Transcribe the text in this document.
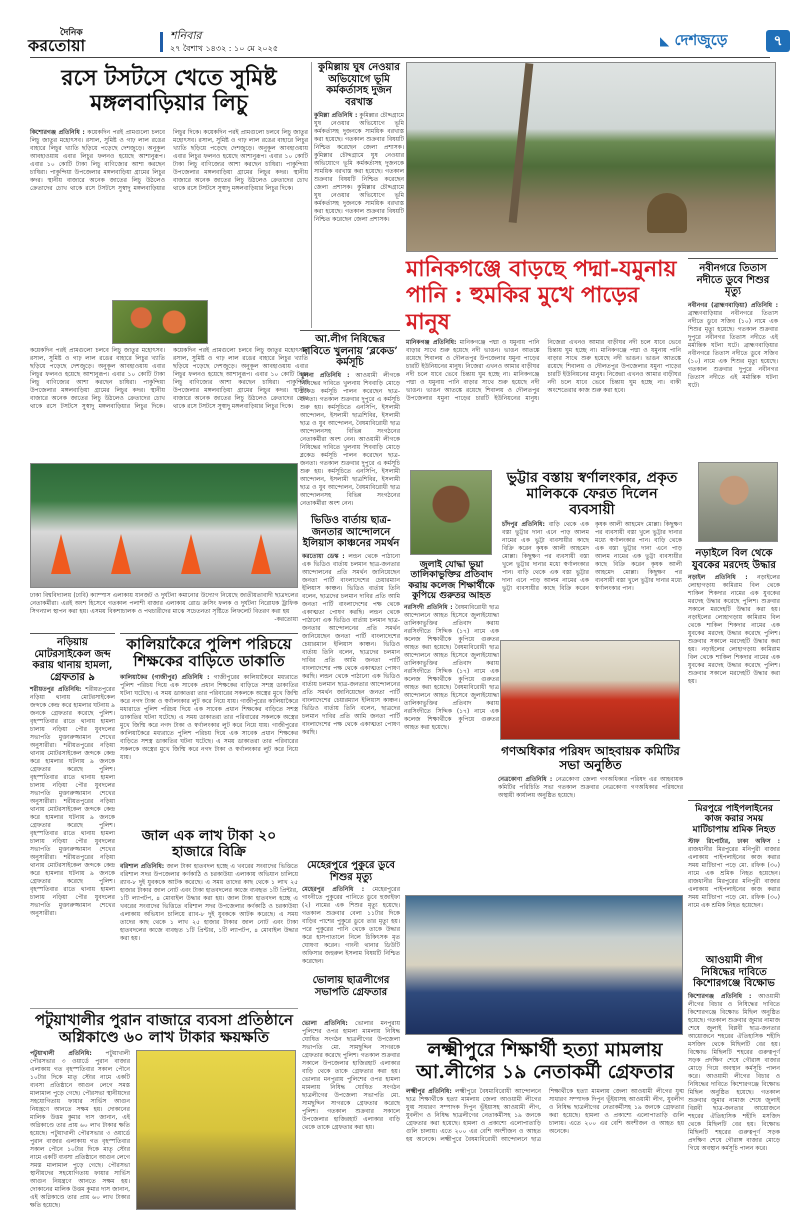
দৈনিক
করতোয়া
শনিবার
২৭ বৈশাখ ১৪৩২ : ১০ মে ২০২৫
◣ দেশজুড়ে	৭
রসে টসটসে খেতে সুমিষ্ট মঙ্গলবাড়িয়ার লিচু
কিশোরগঞ্জ প্রতিনিধি : কয়েকদিন পরই প্রামগুলো চলবে লিচু জাতুর মহোৎসব। রসাল, সুমিষ্ট ও গাঢ় লাল রঙের বাহারে লিচুর খ্যাতি ছড়িয়ে পড়েছে দেশজুড়ে। অনুকূল আবহাওয়ায় এবার লিচুর ফলনও হয়েছে আশানুরূপ। এবার ১০ কোটি টাকা লিচু বাণিজ্যের আশা করছেন চাষিরা। পাকুন্দিয়া উপজেলার মঙ্গলবাড়িয়া গ্রামের লিচুর কদর। স্থানীয় বাজারে অনেক জাতের লিচু উঠলেও ক্রেতাদের চোখ থাকে রসে টসটসে সুস্বাদু মঙ্গলবাড়িয়ার লিচুর দিকে। কয়েকদিন পরই প্রামগুলো চলবে লিচু জাতুর মহোৎসব। রসাল, সুমিষ্ট ও গাঢ় লাল রঙের বাহারে লিচুর খ্যাতি ছড়িয়ে পড়েছে দেশজুড়ে। অনুকূল আবহাওয়ায় এবার লিচুর ফলনও হয়েছে আশানুরূপ। এবার ১০ কোটি টাকা লিচু বাণিজ্যের আশা করছেন চাষিরা। পাকুন্দিয়া উপজেলার মঙ্গলবাড়িয়া গ্রামের লিচুর কদর। স্থানীয় বাজারে অনেক জাতের লিচু উঠলেও ক্রেতাদের চোখ থাকে রসে টসটসে সুস্বাদু মঙ্গলবাড়িয়ার লিচুর দিকে।
কয়েকদিন পরই প্রামগুলো চলবে লিচু জাতুর মহোৎসব। রসাল, সুমিষ্ট ও গাঢ় লাল রঙের বাহারে লিচুর খ্যাতি ছড়িয়ে পড়েছে দেশজুড়ে। অনুকূল আবহাওয়ায় এবার লিচুর ফলনও হয়েছে আশানুরূপ। এবার ১০ কোটি টাকা লিচু বাণিজ্যের আশা করছেন চাষিরা। পাকুন্দিয়া উপজেলার মঙ্গলবাড়িয়া গ্রামের লিচুর কদর। স্থানীয় বাজারে অনেক জাতের লিচু উঠলেও ক্রেতাদের চোখ থাকে রসে টসটসে সুস্বাদু মঙ্গলবাড়িয়ার লিচুর দিকে। কয়েকদিন পরই প্রামগুলো চলবে লিচু জাতুর মহোৎসব। রসাল, সুমিষ্ট ও গাঢ় লাল রঙের বাহারে লিচুর খ্যাতি ছড়িয়ে পড়েছে দেশজুড়ে। অনুকূল আবহাওয়ায় এবার লিচুর ফলনও হয়েছে আশানুরূপ। এবার ১০ কোটি টাকা লিচু বাণিজ্যের আশা করছেন চাষিরা। পাকুন্দিয়া উপজেলার মঙ্গলবাড়িয়া গ্রামের লিচুর কদর। স্থানীয় বাজারে অনেক জাতের লিচু উঠলেও ক্রেতাদের চোখ থাকে রসে টসটসে সুস্বাদু মঙ্গলবাড়িয়ার লিচুর দিকে।
কুমিল্লায় ঘুষ নেওয়ার অভিযোগে ভূমি কর্মকর্তাসহ দুজন বরখাস্ত
কুমিল্লা প্রতিনিধি : কুমিল্লার চৌদ্দগ্রামে ঘুষ নেওয়ার অভিযোগে ভূমি কর্মকর্তাসহ দুজনকে সাময়িক বরখাস্ত করা হয়েছে। গতকাল শুক্রবার বিষয়টি নিশ্চিত করেছেন জেলা প্রশাসক। কুমিল্লার চৌদ্দগ্রামে ঘুষ নেওয়ার অভিযোগে ভূমি কর্মকর্তাসহ দুজনকে সাময়িক বরখাস্ত করা হয়েছে। গতকাল শুক্রবার বিষয়টি নিশ্চিত করেছেন জেলা প্রশাসক। কুমিল্লার চৌদ্দগ্রামে ঘুষ নেওয়ার অভিযোগে ভূমি কর্মকর্তাসহ দুজনকে সাময়িক বরখাস্ত করা হয়েছে। গতকাল শুক্রবার বিষয়টি নিশ্চিত করেছেন জেলা প্রশাসক।
মানিকগঞ্জে বাড়ছে পদ্মা-যমুনায় পানি : হুমকির মুখে পাড়ের মানুষ
মানিকগঞ্জ প্রতিনিধি: মানিকগঞ্জে পদ্মা ও যমুনায় পানি বাড়ার সাথে শুরু হয়েছে নদী ভাঙন। ভাঙন আতঙ্কে রয়েছে শিবালয় ও দৌলতপুর উপজেলার যমুনা পাড়ের চারটি ইউনিয়নের মানুষ। নিজেরা এখনও আমার বাড়ীঘর নদী চলে যাবে ভেবে চিন্তায় ঘুম হচ্ছে না। মানিকগঞ্জে পদ্মা ও যমুনায় পানি বাড়ার সাথে শুরু হয়েছে নদী ভাঙন। ভাঙন আতঙ্কে রয়েছে শিবালয় ও দৌলতপুর উপজেলার যমুনা পাড়ের চারটি ইউনিয়নের মানুষ। নিজেরা এখনও আমার বাড়ীঘর নদী চলে যাবে ভেবে চিন্তায় ঘুম হচ্ছে না। মানিকগঞ্জে পদ্মা ও যমুনায় পানি বাড়ার সাথে শুরু হয়েছে নদী ভাঙন। ভাঙন আতঙ্কে রয়েছে শিবালয় ও দৌলতপুর উপজেলার যমুনা পাড়ের চারটি ইউনিয়নের মানুষ। নিজেরা এখনও আমার বাড়ীঘর নদী চলে যাবে ভেবে চিন্তায় ঘুম হচ্ছে না। বাকী অংশেতেরার কাজ শুরু করা হবে।
নবীনগরে তিতাস নদীতে ডুবে শিশুর মৃত্যু
নবীনগর (ব্রাহ্মণবাড়িয়া) প্রতিনিধি : ব্রাহ্মণবাড়িয়ার নবীনগরে তিতাস নদীতে ডুবে সজিব (১০) নামে এক শিশুর মৃত্যু হয়েছে। গতকাল শুক্রবার দুপুরে নবীনগর তিতাস নদীতে এই মর্মান্তিক ঘটনা ঘটে। ব্রাহ্মণবাড়িয়ার নবীনগরে তিতাস নদীতে ডুবে সজিব (১০) নামে এক শিশুর মৃত্যু হয়েছে। গতকাল শুক্রবার দুপুরে নবীনগর তিতাস নদীতে এই মর্মান্তিক ঘটনা ঘটে।
আ.লীগ নিষিদ্ধের দাবিতে খুলনায় ‘ব্লকেড’ কর্মসূচি
খুলনা প্রতিনিধি : আওয়ামী লীগকে নিষিদ্ধের দাবিতে খুলনায় শিববাড়ি মোড়ে ব্লকেড কর্মসূচি পালন করেছেন ছাত্র-জনতা। গতকাল শুক্রবার দুপুরে এ কর্মসূচি শুরু হয়। কর্মসূচিতে এনসিপি, ইসলামী আন্দোলন, ইসলামী ছাত্রশিবির, ইসলামী ছাত্র ও যুব আন্দোলন, বৈষম্যবিরোধী ছাত্র আন্দোলনসহ বিভিন্ন সংগঠনের নেতাকর্মীরা অংশ নেন। আওয়ামী লীগকে নিষিদ্ধের দাবিতে খুলনায় শিববাড়ি মোড়ে ব্লকেড কর্মসূচি পালন করেছেন ছাত্র-জনতা। গতকাল শুক্রবার দুপুরে এ কর্মসূচি শুরু হয়। কর্মসূচিতে এনসিপি, ইসলামী আন্দোলন, ইসলামী ছাত্রশিবির, ইসলামী ছাত্র ও যুব আন্দোলন, বৈষম্যবিরোধী ছাত্র আন্দোলনসহ বিভিন্ন সংগঠনের নেতাকর্মীরা অংশ নেন।
ঢাকা বিশ্ববিদ্যালয় (ঢাবি) ক্যাম্পাস এলাকায় যানজট ও দুর্ঘটনা কমানোর উদ্যোগ নিয়েছে জাতীয়তাবাদী ছাত্রদলের নেতাকর্মীরা। এরই অংশ হিসেবে গতকাল পলাশী বাজার এলাকায় রোড ক্রসিং ফলক ও দুর্ঘটনা নিরোধক ট্রাফিক সিগন্যাল স্থাপন করা হয়। এসময় বিকশাচালক ও পথচারীদের মাঝে সচেতনতা সৃষ্টিতে লিফলেট বিতরণ করা হয়
-করতোয়া
ভিডিও বার্তায় ছাত্র-জনতার আন্দোলনে ইলিয়াস কাঞ্চনের সমর্থন
করতোয়া ডেস্ক : লন্ডন থেকে পাঠানো এক ভিডিও বার্তায় চলমান ছাত্র-জনতার আন্দোলনের প্রতি সমর্থন জানিয়েছেন জনতা পার্টি বাংলাদেশের চেয়ারম্যান ইলিয়াস কাঞ্চন। ভিডিও বার্তায় তিনি বলেন, ছাত্রদের চলমান দাবির প্রতি আমি জনতা পার্টি বাংলাদেশের পক্ষ থেকে একাত্মতা পোষণ করছি। লন্ডন থেকে পাঠানো এক ভিডিও বার্তায় চলমান ছাত্র-জনতার আন্দোলনের প্রতি সমর্থন জানিয়েছেন জনতা পার্টি বাংলাদেশের চেয়ারম্যান ইলিয়াস কাঞ্চন। ভিডিও বার্তায় তিনি বলেন, ছাত্রদের চলমান দাবির প্রতি আমি জনতা পার্টি বাংলাদেশের পক্ষ থেকে একাত্মতা পোষণ করছি। লন্ডন থেকে পাঠানো এক ভিডিও বার্তায় চলমান ছাত্র-জনতার আন্দোলনের প্রতি সমর্থন জানিয়েছেন জনতা পার্টি বাংলাদেশের চেয়ারম্যান ইলিয়াস কাঞ্চন। ভিডিও বার্তায় তিনি বলেন, ছাত্রদের চলমান দাবির প্রতি আমি জনতা পার্টি বাংলাদেশের পক্ষ থেকে একাত্মতা পোষণ করছি।
জুলাই যোদ্ধা ভুয়া তালিকাভুক্তির প্রতিবাদ করায় কলেজ শিক্ষার্থীকে কুপিয়ে গুরুতর আহত
নরসিংদী প্রতিনিধি : বৈষম্যবিরোধী ছাত্র আন্দোলনে আহত হিসেবে জুলাইযোদ্ধা তালিকাভুক্তির প্রতিবাদ করায় নরসিংদীতে সিদ্দিক (১৭) নামে এক কলেজ শিক্ষার্থীকে কুপিয়ে গুরুতর আহত করা হয়েছে। বৈষম্যবিরোধী ছাত্র আন্দোলনে আহত হিসেবে জুলাইযোদ্ধা তালিকাভুক্তির প্রতিবাদ করায় নরসিংদীতে সিদ্দিক (১৭) নামে এক কলেজ শিক্ষার্থীকে কুপিয়ে গুরুতর আহত করা হয়েছে। বৈষম্যবিরোধী ছাত্র আন্দোলনে আহত হিসেবে জুলাইযোদ্ধা তালিকাভুক্তির প্রতিবাদ করায় নরসিংদীতে সিদ্দিক (১৭) নামে এক কলেজ শিক্ষার্থীকে কুপিয়ে গুরুতর আহত করা হয়েছে।
ভুট্টার বস্তায় স্বর্ণালংকার, প্রকৃত মালিককে ফেরত দিলেন ব্যবসায়ী
চাঁদপুর প্রতিনিধি: বাড়ি থেকে এক বস্তা ভুট্টার দানা এনে পাড় আলম নামের এক ভুট্টা ব্যবসায়ীর কাছে বিক্রি করেন কৃষক আলী আহমেদ মোল্লা। কিছুক্ষণ পর ব্যবসায়ী বস্তা খুলে ভুট্টার দানার মধ্যে স্বর্ণালংকার পান। বাড়ি থেকে এক বস্তা ভুট্টার দানা এনে পাড় আলম নামের এক ভুট্টা ব্যবসায়ীর কাছে বিক্রি করেন কৃষক আলী আহমেদ মোল্লা। কিছুক্ষণ পর ব্যবসায়ী বস্তা খুলে ভুট্টার দানার মধ্যে স্বর্ণালংকার পান। বাড়ি থেকে এক বস্তা ভুট্টার দানা এনে পাড় আলম নামের এক ভুট্টা ব্যবসায়ীর কাছে বিক্রি করেন কৃষক আলী আহমেদ মোল্লা। কিছুক্ষণ পর ব্যবসায়ী বস্তা খুলে ভুট্টার দানার মধ্যে স্বর্ণালংকার পান।
নড়াইলে বিল থেকে যুবকের মরদেহ উদ্ধার
নড়াইল প্রতিনিধি : নড়াইলের লোহাগড়ায় কামিরাম বিল থেকে শাকিল শিকদার নামের এক যুবকের মরদেহ উদ্ধার করেছে পুলিশ। শুক্রবার সকালে মরদেহটি উদ্ধার করা হয়। নড়াইলের লোহাগড়ায় কামিরাম বিল থেকে শাকিল শিকদার নামের এক যুবকের মরদেহ উদ্ধার করেছে পুলিশ। শুক্রবার সকালে মরদেহটি উদ্ধার করা হয়। নড়াইলের লোহাগড়ায় কামিরাম বিল থেকে শাকিল শিকদার নামের এক যুবকের মরদেহ উদ্ধার করেছে পুলিশ। শুক্রবার সকালে মরদেহটি উদ্ধার করা হয়।
নড়িয়ায় মোটরসাইকেল জব্দ করায় থানায় হামলা, গ্রেফতার ৯
শরীয়তপুর প্রতিনিধি: শরীয়তপুরের নড়িয়া থানায় মোটরসাইকেল জব্দকে কেন্দ্র করে হামলার ঘটনায় ৯ জনকে গ্রেফতার করেছে পুলিশ। বৃহস্পতিবার রাতে থানায় হামলা চালায় নড়িয়া পৌর যুবদলের সভাপতি মুক্তারুজ্জামান শেখের অনুসারীরা। শরীয়তপুরের নড়িয়া থানায় মোটরসাইকেল জব্দকে কেন্দ্র করে হামলার ঘটনায় ৯ জনকে গ্রেফতার করেছে পুলিশ। বৃহস্পতিবার রাতে থানায় হামলা চালায় নড়িয়া পৌর যুবদলের সভাপতি মুক্তারুজ্জামান শেখের অনুসারীরা। শরীয়তপুরের নড়িয়া থানায় মোটরসাইকেল জব্দকে কেন্দ্র করে হামলার ঘটনায় ৯ জনকে গ্রেফতার করেছে পুলিশ। বৃহস্পতিবার রাতে থানায় হামলা চালায় নড়িয়া পৌর যুবদলের সভাপতি মুক্তারুজ্জামান শেখের অনুসারীরা। শরীয়তপুরের নড়িয়া থানায় মোটরসাইকেল জব্দকে কেন্দ্র করে হামলার ঘটনায় ৯ জনকে গ্রেফতার করেছে পুলিশ। বৃহস্পতিবার রাতে থানায় হামলা চালায় নড়িয়া পৌর যুবদলের সভাপতি মুক্তারুজ্জামান শেখের অনুসারীরা।
কালিয়াকৈরে পুলিশ পরিচয়ে শিক্ষকের বাড়িতে ডাকাতি
কালিয়াকৈর (গাজীপুর) প্রতিনিধি : গাজীপুরের কালিয়াকৈরে মধ্যরাতে পুলিশ পরিচয় দিয়ে এক সাবেক প্রধান শিক্ষকের বাড়িতে সশস্ত্র ডাকাতির ঘটনা ঘটেছে। এ সময় ডাকাতরা তার পরিবারের সকলকে অস্ত্রের মুখে জিম্মি করে নগদ টাকা ও স্বর্ণালংকার লুট করে নিয়ে যায়। গাজীপুরের কালিয়াকৈরে মধ্যরাতে পুলিশ পরিচয় দিয়ে এক সাবেক প্রধান শিক্ষকের বাড়িতে সশস্ত্র ডাকাতির ঘটনা ঘটেছে। এ সময় ডাকাতরা তার পরিবারের সকলকে অস্ত্রের মুখে জিম্মি করে নগদ টাকা ও স্বর্ণালংকার লুট করে নিয়ে যায়। গাজীপুরের কালিয়াকৈরে মধ্যরাতে পুলিশ পরিচয় দিয়ে এক সাবেক প্রধান শিক্ষকের বাড়িতে সশস্ত্র ডাকাতির ঘটনা ঘটেছে। এ সময় ডাকাতরা তার পরিবারের সকলকে অস্ত্রের মুখে জিম্মি করে নগদ টাকা ও স্বর্ণালংকার লুট করে নিয়ে যায়।
জাল এক লাখ টাকা ২০ হাজারে বিক্রি
বরিশাল প্রতিনিধি: জাল টাকা হাতবদল হচ্ছে এ খবরের সংবাদের ভিত্তিতে বরিশাল সদর উপজেলার কর্ণকাঠি ও চরকাউয়া এলাকায় অভিযান চালিয়ে র‍্যাব-৮ দুই যুবককে আটক করেছে। এ সময় তাদের কাছ থেকে ১ লাখ ২৫ হাজার টাকার জাল নোট এবং টাকা হাতবদলের কাজে ব্যবহৃত ১টি প্রিন্টার, ১টি ল্যাপটপ, ৪ মোবাইল উদ্ধার করা হয়। জাল টাকা হাতবদল হচ্ছে এ খবরের সংবাদের ভিত্তিতে বরিশাল সদর উপজেলার কর্ণকাঠি ও চরকাউয়া এলাকায় অভিযান চালিয়ে র‍্যাব-৮ দুই যুবককে আটক করেছে। এ সময় তাদের কাছ থেকে ১ লাখ ২৫ হাজার টাকার জাল নোট এবং টাকা হাতবদলের কাজে ব্যবহৃত ১টি প্রিন্টার, ১টি ল্যাপটপ, ৪ মোবাইল উদ্ধার করা হয়।
মেহেরপুরে পুকুরে ডুবে শিশুর মৃত্যু
মেহেরপুর প্রতিনিধি : মেহেরপুরের গাংনীতে পুকুরের পানিতে ডুবে হুজাইফা (২) নামের এক শিশুর মৃত্যু হয়েছে। গতকাল শুক্রবার বেলা ১১টার দিকে বাড়ির পাশের পুকুরে ডুবে তার মৃত্যু হয়। পরে পুকুরের পানি থেকে তাকে উদ্ধার করে হাসপাতালে নিলে চিকিৎসক মৃত ঘোষণা করেন। গাংনী থানার ডিউটি অফিসার জহুরুল ইসলাম বিষয়টি নিশ্চিত করেছেন।
গণঅধিকার পরিষদ আহবায়ক কমিটির সভা অনুষ্ঠিত
নেত্রকোণা প্রতিনিধি : নেত্রকোণা জেলা গণঅধিকার পরিষদ এর আহবায়ক কমিটির পরিচিতি সভা গতকাল শুক্রবার নেত্রকোণা গণঅধিকার পরিষদের অস্থায়ী কার্যালয় অনুষ্ঠিত হয়েছে।
মিরপুরে পাইপলাইনের কাজ করার সময় মাটিচাপায় শ্রমিক নিহত
স্টাফ রিপোর্টার, ঢাকা অফিস : রাজধানীর মিরপুরের মনিপুরী বাজার এলাকায় পাইপলাইনের কাজ করার সময় মাটিচাপা পড়ে মো. রফিক (৩০) নামে এক শ্রমিক নিহত হয়েছেন। রাজধানীর মিরপুরের মনিপুরী বাজার এলাকায় পাইপলাইনের কাজ করার সময় মাটিচাপা পড়ে মো. রফিক (৩০) নামে এক শ্রমিক নিহত হয়েছেন।
ভোলায় ছাত্রলীগের সভাপতি গ্রেফতার
আওয়ামী লীগ নিষিদ্ধের দাবিতে কিশোরগঞ্জে বিক্ষোভ
কিশোরগঞ্জ প্রতিনিধি : আওয়ামী লীগের বিচার ও নিষিদ্ধের দাবিতে কিশোরগঞ্জে বিক্ষোভ মিছিল অনুষ্ঠিত হয়েছে। গতকাল শুক্রবার জুমার নামাজ শেষে জুলাই বিপ্লবী ছাত্র-জনতার আয়োজনে শহরের ঐতিহাসিক শহীদি মসজিদ থেকে মিছিলটি বের হয়। বিক্ষোভ মিছিলটি শহরের গুরুত্বপূর্ণ সড়ক প্রদক্ষিণ শেষে গৌরাঙ্গ বাজার মোড়ে গিয়ে অবস্থান কর্মসূচি পালন করে। আওয়ামী লীগের বিচার ও নিষিদ্ধের দাবিতে কিশোরগঞ্জে বিক্ষোভ মিছিল অনুষ্ঠিত হয়েছে। গতকাল শুক্রবার জুমার নামাজ শেষে জুলাই বিপ্লবী ছাত্র-জনতার আয়োজনে শহরের ঐতিহাসিক শহীদি মসজিদ থেকে মিছিলটি বের হয়। বিক্ষোভ মিছিলটি শহরের গুরুত্বপূর্ণ সড়ক প্রদক্ষিণ শেষে গৌরাঙ্গ বাজার মোড়ে গিয়ে অবস্থান কর্মসূচি পালন করে।
পটুয়াখালীর পুরান বাজারে ব্যবসা প্রতিষ্ঠানে অগ্নিকাণ্ডে ৬০ লাখ টাকার ক্ষয়ক্ষতি
পটুয়াখালী প্রতিনিধি: পটুয়াখালী পৌরসভার ৩ ওয়ার্ডে পুরান বাজার এলাকায় গত বৃহস্পতিবার সকাল পৌনে ১০টার দিকে মাতৃ স্টোর নামে একটি ব্যবসা প্রতিষ্ঠানে আগুন লেগে সমস্ত মালামাল পুড়ে গেছে। পৌরসভা স্থানীয়দের সহযোগিতায় ফায়ার সার্ভিস আগুন নিয়ন্ত্রণে আনতে সক্ষম হয়। দোকানের মালিক উত্তম কুমার দাস জানান, এই অগ্নিকাণ্ডে তার প্রায় ৬০ লাখ টাকার ক্ষতি হয়েছে। পটুয়াখালী পৌরসভার ৩ ওয়ার্ডে পুরান বাজার এলাকায় গত বৃহস্পতিবার সকাল পৌনে ১০টার দিকে মাতৃ স্টোর নামে একটি ব্যবসা প্রতিষ্ঠানে আগুন লেগে সমস্ত মালামাল পুড়ে গেছে। পৌরসভা স্থানীয়দের সহযোগিতায় ফায়ার সার্ভিস আগুন নিয়ন্ত্রণে আনতে সক্ষম হয়। দোকানের মালিক উত্তম কুমার দাস জানান, এই অগ্নিকাণ্ডে তার প্রায় ৬০ লাখ টাকার ক্ষতি হয়েছে।
ভোলা প্রতিনিধি: ভোলার মনপুরায় পুলিশের ওপর হামলা মামলায় নিষিদ্ধ ঘোষিত সংগঠন ছাত্রলীগের উপজেলা সভাপতি মো. সামছুদ্দিন সাগরকে গ্রেফতার করেছে পুলিশ। গতকাল শুক্রবার সকালে উপজেলার হাজিরহাট এলাকার বাড়ি থেকে তাকে গ্রেফতার করা হয়। ভোলার মনপুরায় পুলিশের ওপর হামলা মামলায় নিষিদ্ধ ঘোষিত সংগঠন ছাত্রলীগের উপজেলা সভাপতি মো. সামছুদ্দিন সাগরকে গ্রেফতার করেছে পুলিশ। গতকাল শুক্রবার সকালে উপজেলার হাজিরহাট এলাকার বাড়ি থেকে তাকে গ্রেফতার করা হয়।
লক্ষ্মীপুরে শিক্ষার্থী হত্যা মামলায় আ.লীগের ১৯ নেতাকর্মী গ্রেফতার
লক্ষ্মীপুর প্রতিনিধি: লক্ষ্মীপুরে বৈষম্যবিরোধী আন্দোলনে ছাত্র শিক্ষার্থীকে হত্যা মামলায় জেলা আওয়ামী লীগের যুগ্ম সাধারণ সম্পাদক দিপুন ভূঁইয়াসহ আওয়ামী লীগ, যুবলীগ ও নিষিদ্ধ ছাত্রলীগের নেতাকর্মীসহ ১৯ জনকে গ্রেফতার করা হয়েছে। হামলা ও প্রকাশ্যে এলোপাতাড়ি গুলি চালায়। এতে ২০০ এর বেশি অংশীজন ও আহত হয় অনেকে। লক্ষ্মীপুরে বৈষম্যবিরোধী আন্দোলনে ছাত্র শিক্ষার্থীকে হত্যা মামলায় জেলা আওয়ামী লীগের যুগ্ম সাধারণ সম্পাদক দিপুন ভূঁইয়াসহ আওয়ামী লীগ, যুবলীগ ও নিষিদ্ধ ছাত্রলীগের নেতাকর্মীসহ ১৯ জনকে গ্রেফতার করা হয়েছে। হামলা ও প্রকাশ্যে এলোপাতাড়ি গুলি চালায়। এতে ২০০ এর বেশি অংশীজন ও আহত হয় অনেকে।
